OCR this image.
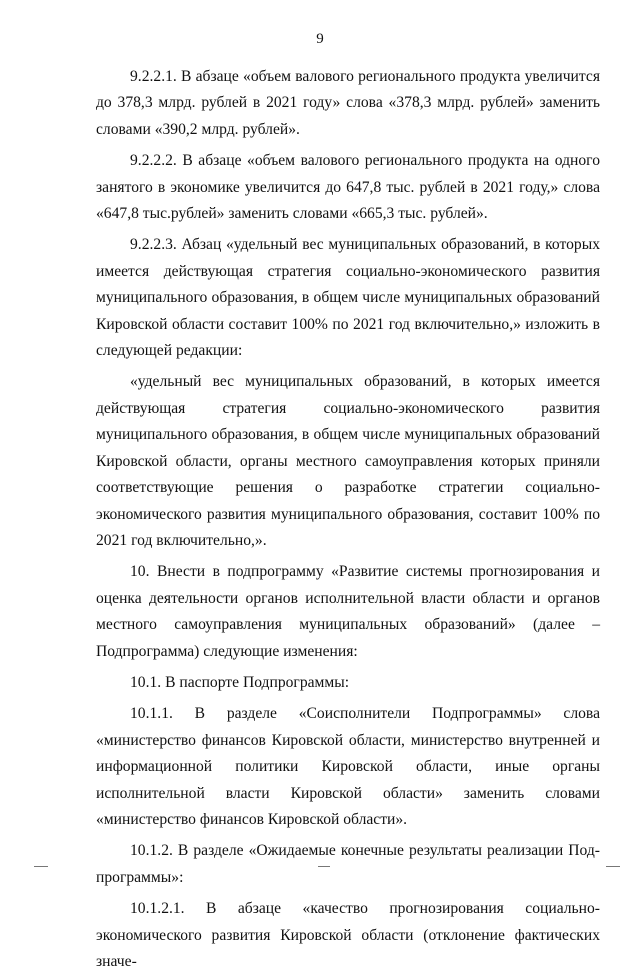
9

9.2.2.1. В абзаце «объем валового регионального продукта увеличится до 378,3 млрд. рублей в 2021 году» слова «378,3 млрд. рублей» заменить словами «390,2 млрд. рублей».

9.2.2.2. В абзаце «объем валового регионального продукта на одного занятого в экономике увеличится до 647,8 тыс. рублей в 2021 году,» слова «647,8 тыс.рублей» заменить словами «665,3 тыс. рублей».

9.2.2.3. Абзац «удельный вес муниципальных образований, в которых имеется действующая стратегия социально-экономического развития муниципального образования, в общем числе муниципальных образований Кировской области составит 100% по 2021 год включительно,» изложить в следующей редакции:

«удельный вес муниципальных образований, в которых имеется действующая стратегия социально-экономического развития муниципального образования, в общем числе муниципальных образований Кировской области, органы местного самоуправления которых приняли соответствующие решения о разработке стратегии социально-экономического развития муниципального образования, составит 100% по 2021 год включительно,».

10. Внести в подпрограмму «Развитие системы прогнозирования и оценка деятельности органов исполнительной власти области и органов местного самоуправления муниципальных образований» (далее – Подпрограмма) следующие изменения:

10.1. В паспорте Подпрограммы:

10.1.1. В разделе «Соисполнители Подпрограммы» слова «министерство финансов Кировской области, министерство внутренней и информационной политики Кировской области, иные органы исполнительной власти Кировской области» заменить словами «министерство финансов Кировской области».

10.1.2. В разделе «Ожидаемые конечные результаты реализации Подпрограммы»:

10.1.2.1. В абзаце «качество прогнозирования социально-экономического развития Кировской области (отклонение фактических значе-
